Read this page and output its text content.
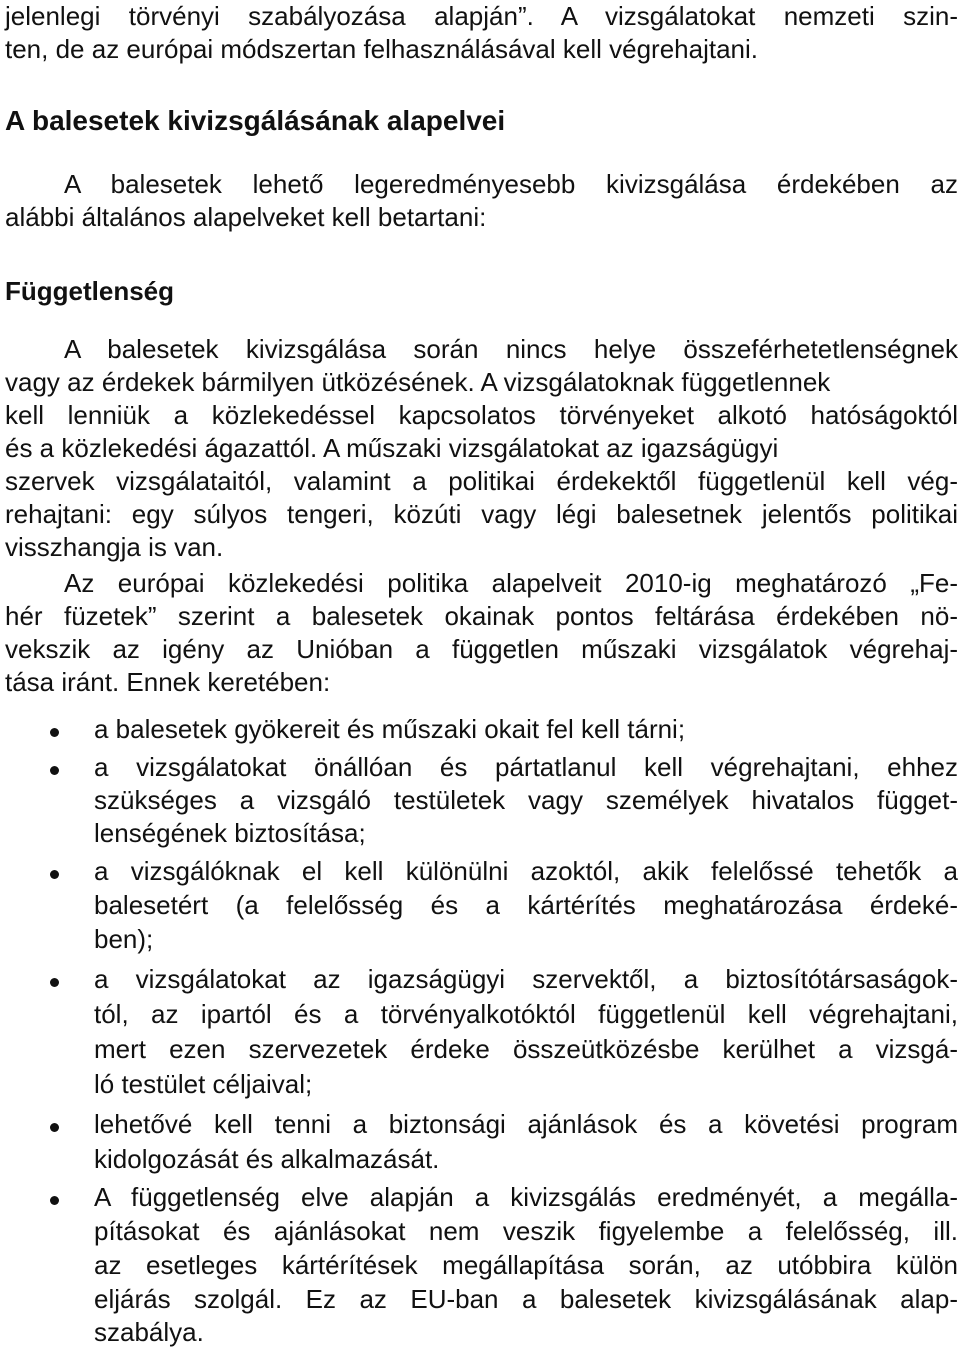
jelenlegi törvényi szabályozása alapján”. A vizsgálatokat nemzeti szin-
ten, de az európai módszertan felhasználásával kell végrehajtani.
A balesetek kivizsgálásának alapelvei
A balesetek lehető legeredményesebb kivizsgálása érdekében az
alábbi általános alapelveket kell betartani:
Függetlenség
A balesetek kivizsgálása során nincs helye összeférhetetlenségnek
vagy az érdekek bármilyen ütközésének. A vizsgálatoknak függetlennek
kell lenniük a közlekedéssel kapcsolatos törvényeket alkotó hatóságoktól
és a közlekedési ágazattól. A műszaki vizsgálatokat az igazságügyi
szervek vizsgálataitól, valamint a politikai érdekektől függetlenül kell vég-
rehajtani: egy súlyos tengeri, közúti vagy légi balesetnek jelentős politikai
visszhangja is van.
Az európai közlekedési politika alapelveit 2010-ig meghatározó „Fe-
hér füzetek” szerint a balesetek okainak pontos feltárása érdekében nö-
vekszik az igény az Unióban a független műszaki vizsgálatok végrehaj-
tása iránt. Ennek keretében:
a balesetek gyökereit és műszaki okait fel kell tárni;
a vizsgálatokat önállóan és pártatlanul kell végrehajtani, ehhez
szükséges a vizsgáló testületek vagy személyek hivatalos függet-
lenségének biztosítása;
a vizsgálóknak el kell különülni azoktól, akik felelőssé tehetők a
balesetért (a felelősség és a kártérítés meghatározása érdeké-
ben);
a vizsgálatokat az igazságügyi szervektől, a biztosítótársaságok-
tól, az ipartól és a törvényalkotóktól függetlenül kell végrehajtani,
mert ezen szervezetek érdeke összeütközésbe kerülhet a vizsgá-
ló testület céljaival;
lehetővé kell tenni a biztonsági ajánlások és a követési program
kidolgozását és alkalmazását.
A függetlenség elve alapján a kivizsgálás eredményét, a megálla-
pításokat és ajánlásokat nem veszik figyelembe a felelősség, ill.
az esetleges kártérítések megállapítása során, az utóbbira külön
eljárás szolgál. Ez az EU-ban a balesetek kivizsgálásának alap-
szabálya.
